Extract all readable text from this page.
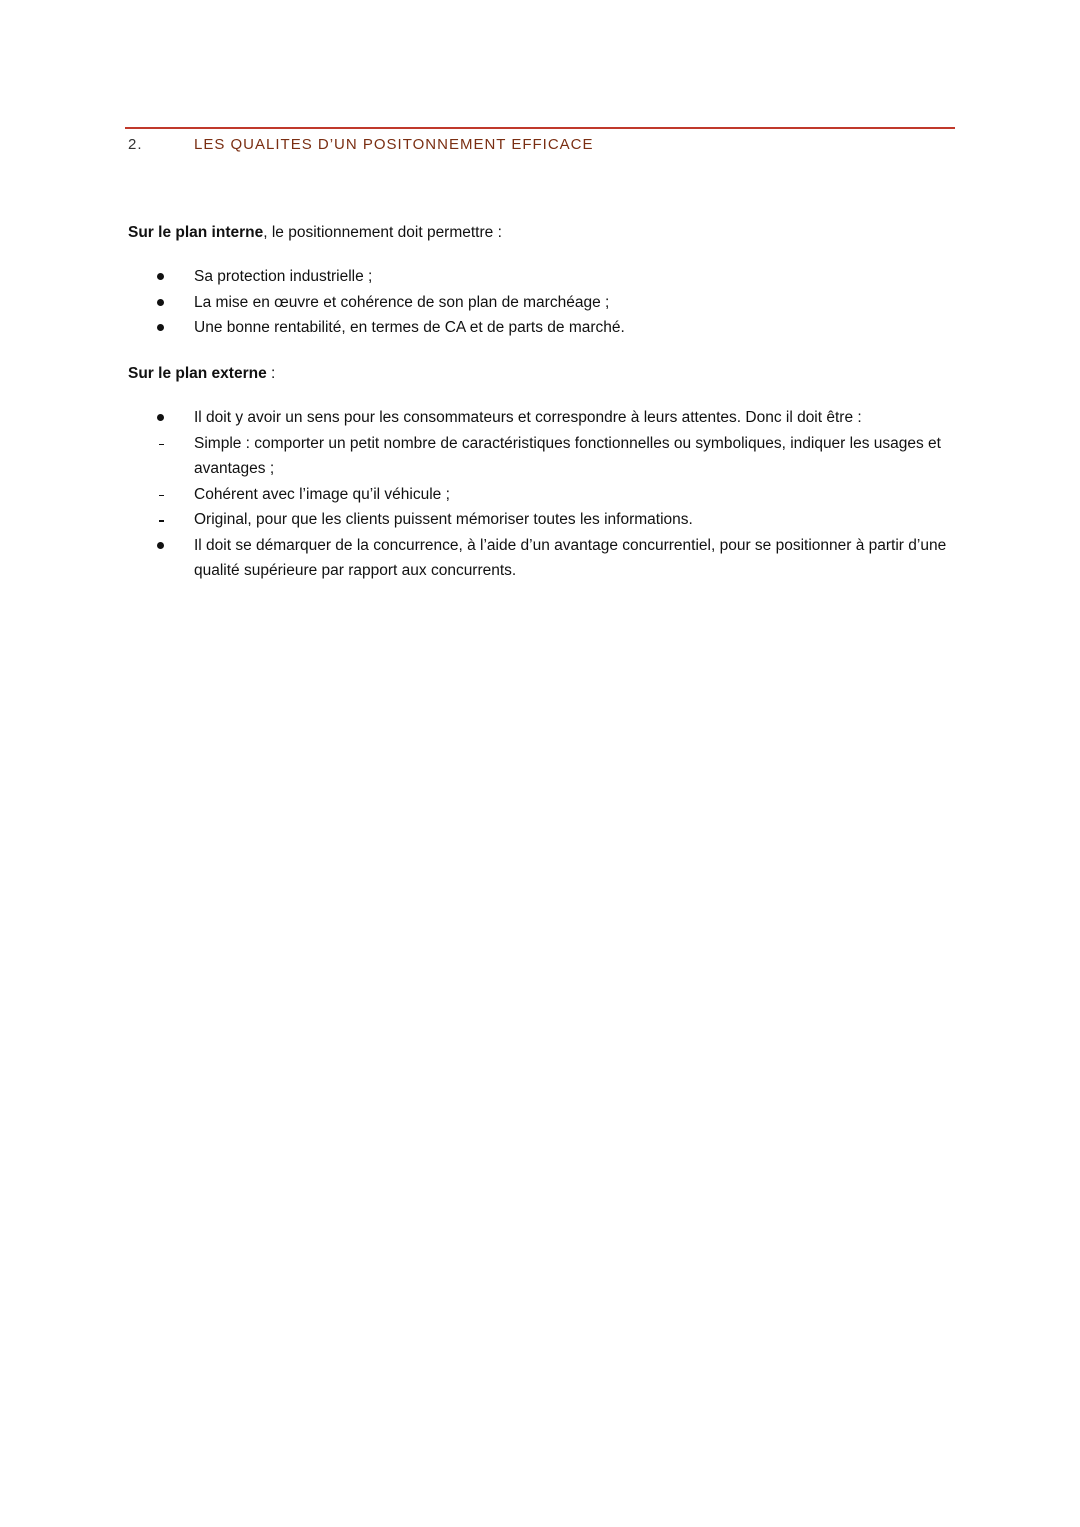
2.	LES QUALITES D’UN POSITONNEMENT EFFICACE
Sur le plan interne, le positionnement doit permettre :
Sa protection industrielle ;
La mise en œuvre et cohérence de son plan de marchéage ;
Une bonne rentabilité, en termes de CA et de parts de marché.
Sur le plan externe :
Il doit y avoir un sens pour les consommateurs et correspondre à leurs attentes. Donc il doit être :
Simple : comporter un petit nombre de caractéristiques fonctionnelles ou symboliques, indiquer les usages et avantages ;
Cohérent avec l’image qu’il véhicule ;
Original, pour que les clients puissent mémoriser toutes les informations.
Il doit se démarquer de la concurrence, à l’aide d’un avantage concurrentiel, pour se positionner à partir d’une qualité supérieure par rapport aux concurrents.
